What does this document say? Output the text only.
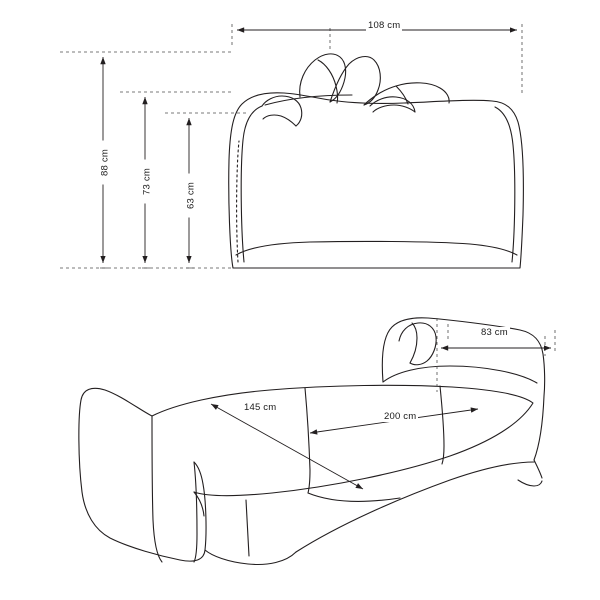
108 cm
88 cm
73 cm
63 cm
83 cm
145 cm
200 cm
